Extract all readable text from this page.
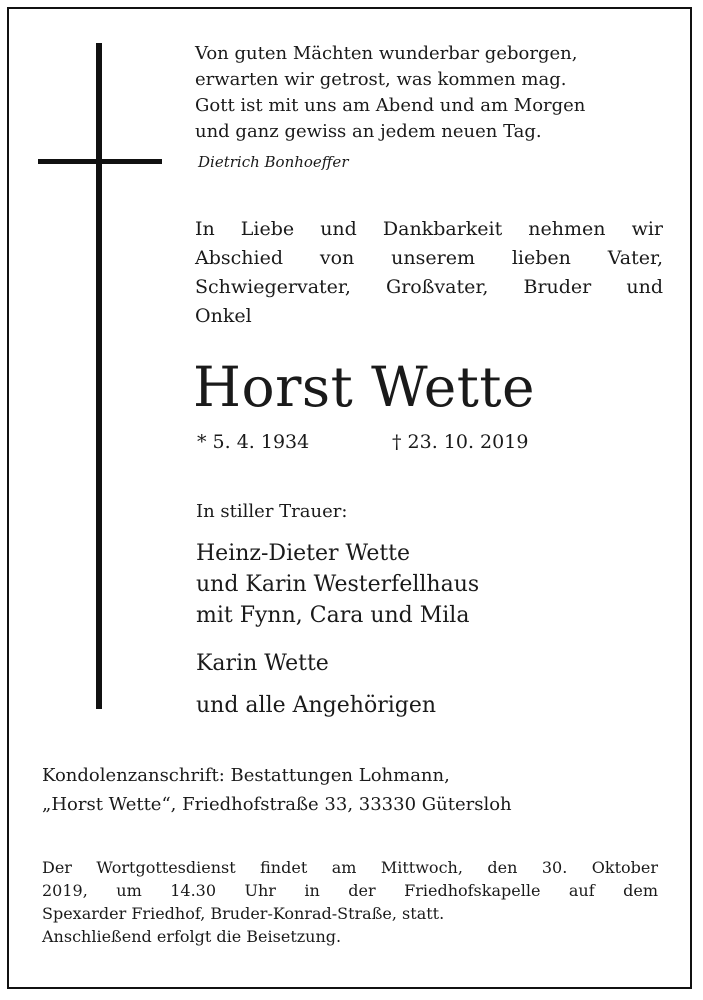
Von guten Mächten wunderbar geborgen,
erwarten wir getrost, was kommen mag.
Gott ist mit uns am Abend und am Morgen
und ganz gewiss an jedem neuen Tag.
Dietrich Bonhoeffer
In Liebe und Dankbarkeit nehmen wir
Abschied von unserem lieben Vater,
Schwiegervater, Großvater, Bruder und
Onkel
Horst Wette
* 5. 4. 1934	† 23. 10. 2019
In stiller Trauer:
Heinz-Dieter Wette
und Karin Westerfellhaus
mit Fynn, Cara und Mila
Karin Wette
und alle Angehörigen
Kondolenzanschrift: Bestattungen Lohmann,
„Horst Wette“, Friedhofstraße 33, 33330 Gütersloh
Der Wortgottesdienst findet am Mittwoch, den 30. Oktober
2019, um 14.30 Uhr in der Friedhofskapelle auf dem
Spexarder Friedhof, Bruder-Konrad-Straße, statt.
Anschließend erfolgt die Beisetzung.
